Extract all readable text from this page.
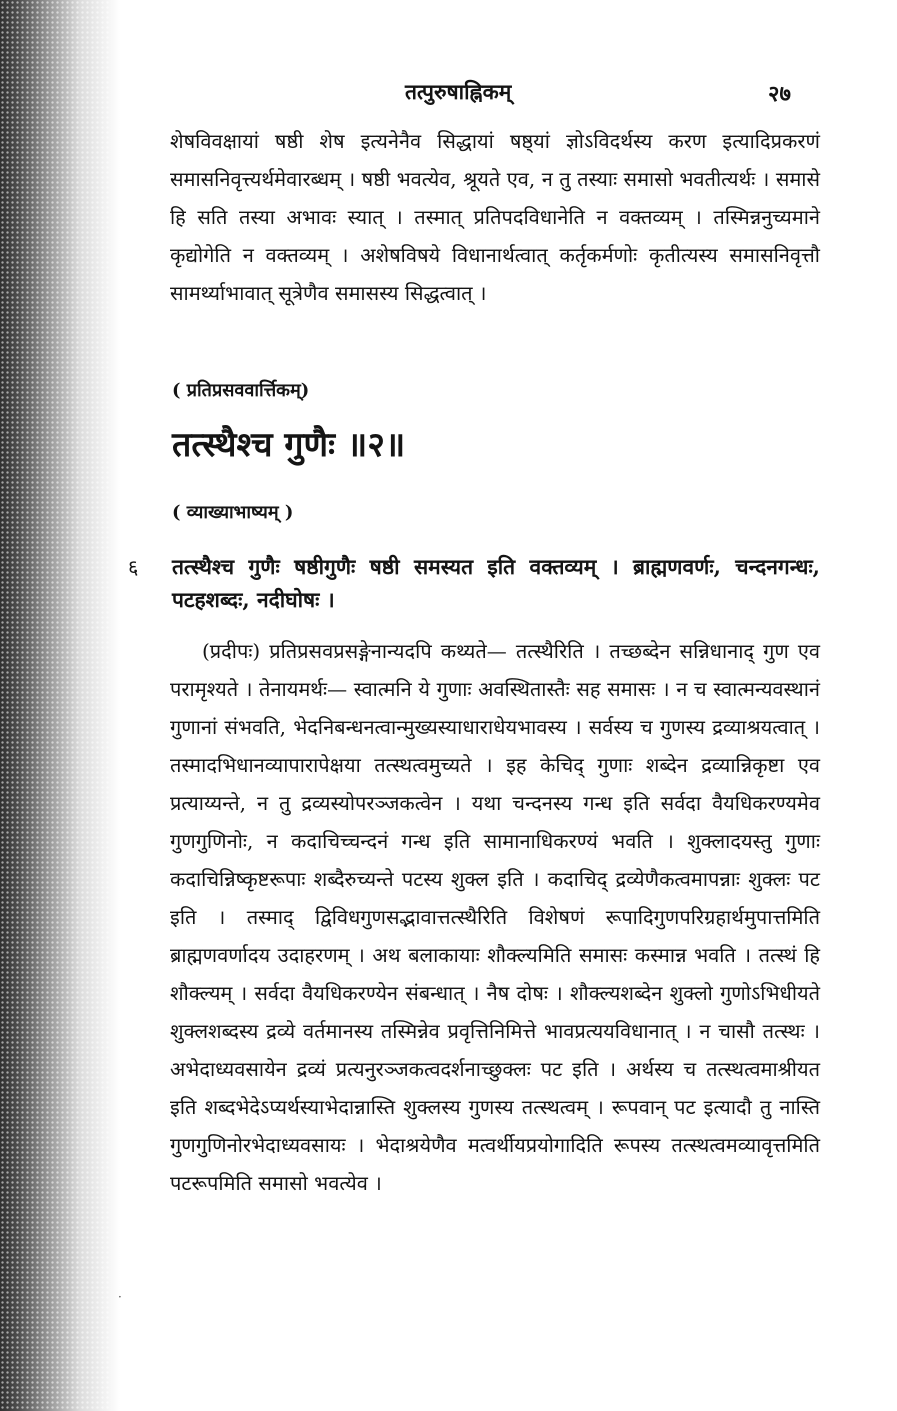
तत्पुरुषाह्निकम्	२७

शेषविवक्षायां षष्ठी शेष इत्यनेनैव सिद्धायां षष्ठ्यां ज्ञोऽविदर्थस्य करण इत्यादिप्रकरणं समासनिवृत्त्यर्थमेवारब्धम् । षष्ठी भवत्येव, श्रूयते एव, न तु तस्याः समासो भवतीत्यर्थः । समासे हि सति तस्या अभावः स्यात् । तस्मात् प्रतिपदविधानेति न वक्तव्यम् । तस्मिन्ननुच्यमाने कृद्योगेति न वक्तव्यम् । अशेषविषये विधानार्थत्वात् कर्तृकर्मणोः कृतीत्यस्य समासनिवृत्तौ सामर्थ्याभावात् सूत्रेणैव समासस्य सिद्धत्वात् ।

( प्रतिप्रसववार्त्तिकम्)
तत्स्थैश्च गुणैः ॥२॥
( व्याख्याभाष्यम् )
६ तत्स्थैश्च गुणैः षष्ठीगुणैः षष्ठी समस्यत इति वक्तव्यम् । ब्राह्मणवर्णः, चन्दनगन्धः, पटहशब्दः, नदीघोषः ।

(प्रदीपः) प्रतिप्रसवप्रसङ्गेनान्यदपि कथ्यते— तत्स्थैरिति । तच्छब्देन सन्निधानाद् गुण एव परामृश्यते । तेनायमर्थः— स्वात्मनि ये गुणाः अवस्थितास्तैः सह समासः । न च स्वात्मन्यवस्थानं गुणानां संभवति, भेदनिबन्धनत्वान्मुख्यस्याधाराधेयभावस्य । सर्वस्य च गुणस्य द्रव्याश्रयत्वात् । तस्मादभिधानव्यापारापेक्षया तत्स्थत्वमुच्यते । इह केचिद् गुणाः शब्देन द्रव्यान्निकृष्टा एव प्रत्याय्यन्ते, न तु द्रव्यस्योपरञ्जकत्वेन । यथा चन्दनस्य गन्ध इति सर्वदा वैयधिकरण्यमेव गुणगुणिनोः, न कदाचिच्चन्दनं गन्ध इति सामानाधिकरण्यं भवति । शुक्लादयस्तु गुणाः कदाचिन्निष्कृष्टरूपाः शब्दैरुच्यन्ते पटस्य शुक्ल इति । कदाचिद् द्रव्येणैकत्वमापन्नाः शुक्लः पट इति । तस्माद् द्विविधगुणसद्भावात्तत्स्थैरिति विशेषणं रूपादिगुणपरिग्रहार्थमुपात्तमिति ब्राह्मणवर्णादय उदाहरणम् । अथ बलाकायाः शौक्ल्यमिति समासः कस्मान्न भवति । तत्स्थं हि शौक्ल्यम् । सर्वदा वैयधिकरण्येन संबन्धात् । नैष दोषः । शौक्ल्यशब्देन शुक्लो गुणोऽभिधीयते शुक्लशब्दस्य द्रव्ये वर्तमानस्य तस्मिन्नेव प्रवृत्तिनिमित्ते भावप्रत्ययविधानात् । न चासौ तत्स्थः । अभेदाध्यवसायेन द्रव्यं प्रत्यनुरञ्जकत्वदर्शनाच्छुक्लः पट इति । अर्थस्य च तत्स्थत्वमाश्रीयत इति शब्दभेदेऽप्यर्थस्याभेदान्नास्ति शुक्लस्य गुणस्य तत्स्थत्वम् । रूपवान् पट इत्यादौ तु नास्ति गुणगुणिनोरभेदाध्यवसायः । भेदाश्रयेणैव मत्वर्थीयप्रयोगादिति रूपस्य तत्स्थत्वमव्यावृत्तमिति पटरूपमिति समासो भवत्येव ।

·
